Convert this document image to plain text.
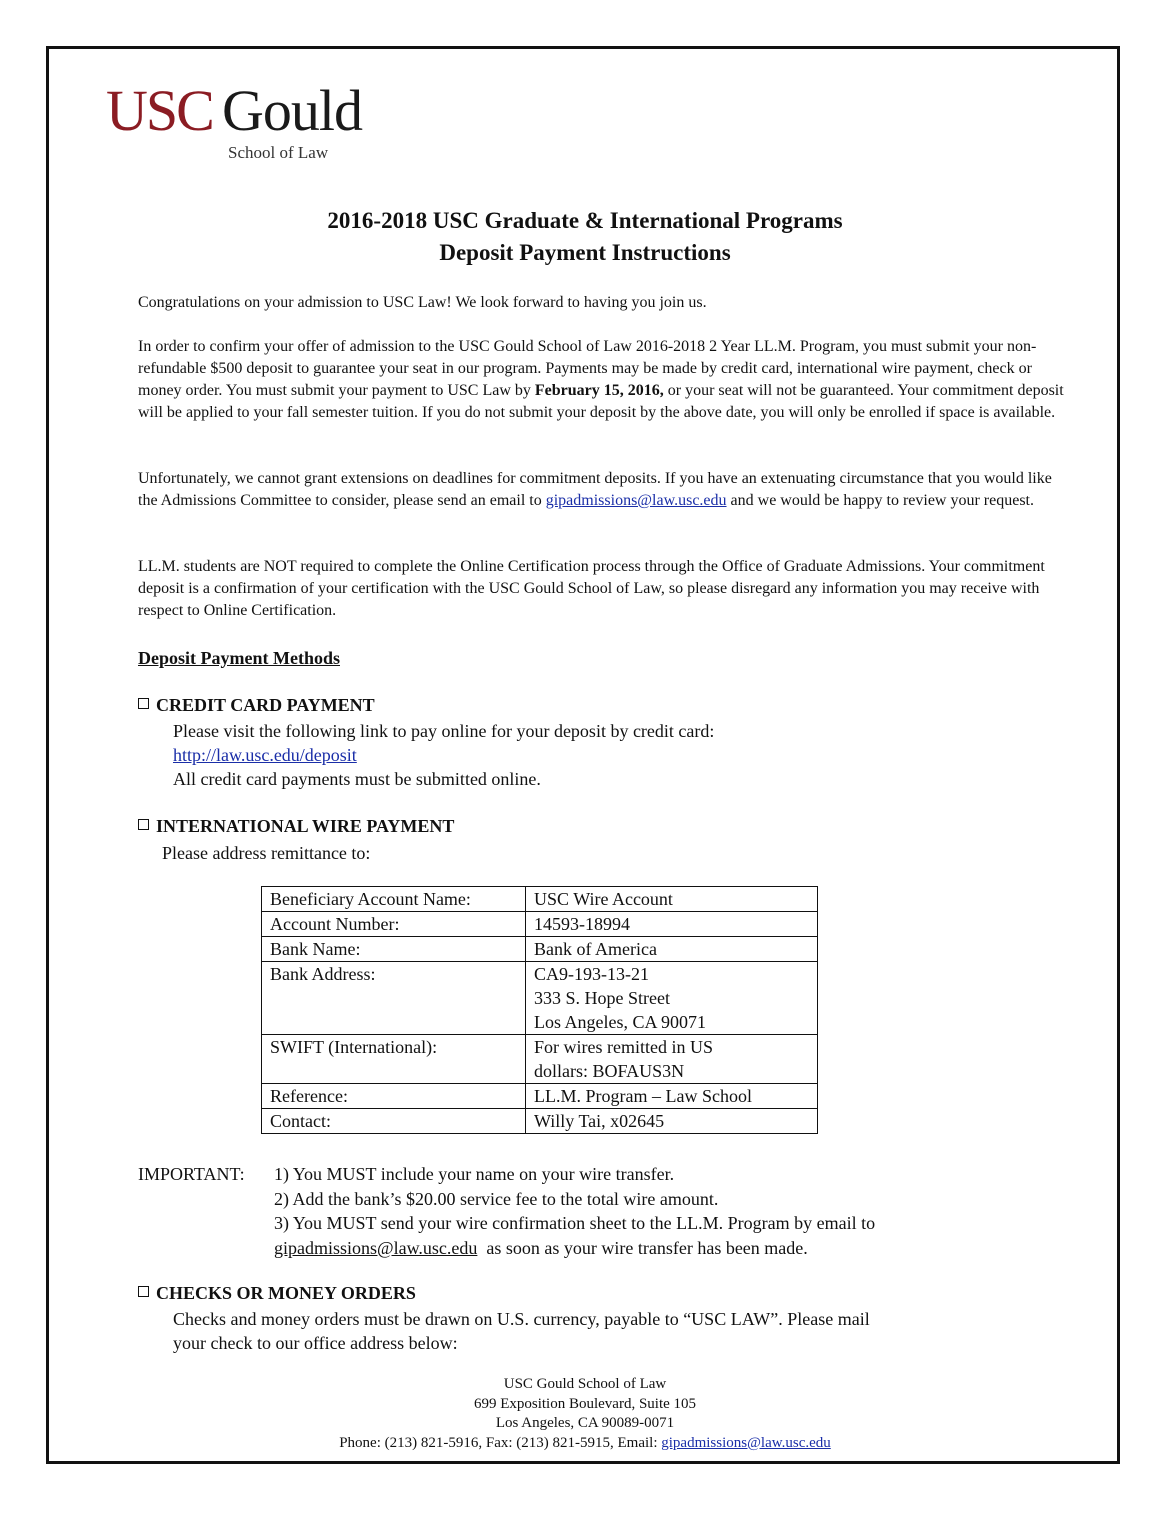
USC Gould
School of Law
2016-2018 USC Graduate & International Programs
Deposit Payment Instructions

Congratulations on your admission to USC Law! We look forward to having you join us.

In order to confirm your offer of admission to the USC Gould School of Law 2016-2018 2 Year LL.M. Program, you must submit your non-refundable $500 deposit to guarantee your seat in our program. Payments may be made by credit card, international wire payment, check or money order. You must submit your payment to USC Law by February 15, 2016, or your seat will not be guaranteed. Your commitment deposit will be applied to your fall semester tuition. If you do not submit your deposit by the above date, you will only be enrolled if space is available.

Unfortunately, we cannot grant extensions on deadlines for commitment deposits. If you have an extenuating circumstance that you would like the Admissions Committee to consider, please send an email to gipadmissions@law.usc.edu and we would be happy to review your request.

LL.M. students are NOT required to complete the Online Certification process through the Office of Graduate Admissions. Your commitment deposit is a confirmation of your certification with the USC Gould School of Law, so please disregard any information you may receive with respect to Online Certification.

Deposit Payment Methods
CREDIT CARD PAYMENT
Please visit the following link to pay online for your deposit by credit card:
http://law.usc.edu/deposit
All credit card payments must be submitted online.
INTERNATIONAL WIRE PAYMENT
Please address remittance to:
Beneficiary Account Name:	USC Wire Account
Account Number:	14593-18994
Bank Name:	Bank of America
Bank Address:	CA9-193-13-21
333 S. Hope Street
Los Angeles, CA 90071

SWIFT (International):	For wires remitted in US
dollars: BOFAUS3N

Reference:	LL.M. Program – Law School
Contact:	Willy Tai, x02645
IMPORTANT: 1) You MUST include your name on your wire transfer.
2) Add the bank’s $20.00 service fee to the total wire amount.
3) You MUST send your wire confirmation sheet to the LL.M. Program by email to
gipadmissions@law.usc.edu  as soon as your wire transfer has been made.
CHECKS OR MONEY ORDERS
Checks and money orders must be drawn on U.S. currency, payable to “USC LAW”. Please mail
your check to our office address below:
USC Gould School of Law
699 Exposition Boulevard, Suite 105
Los Angeles, CA 90089-0071
Phone: (213) 821-5916, Fax: (213) 821-5915, Email: gipadmissions@law.usc.edu
